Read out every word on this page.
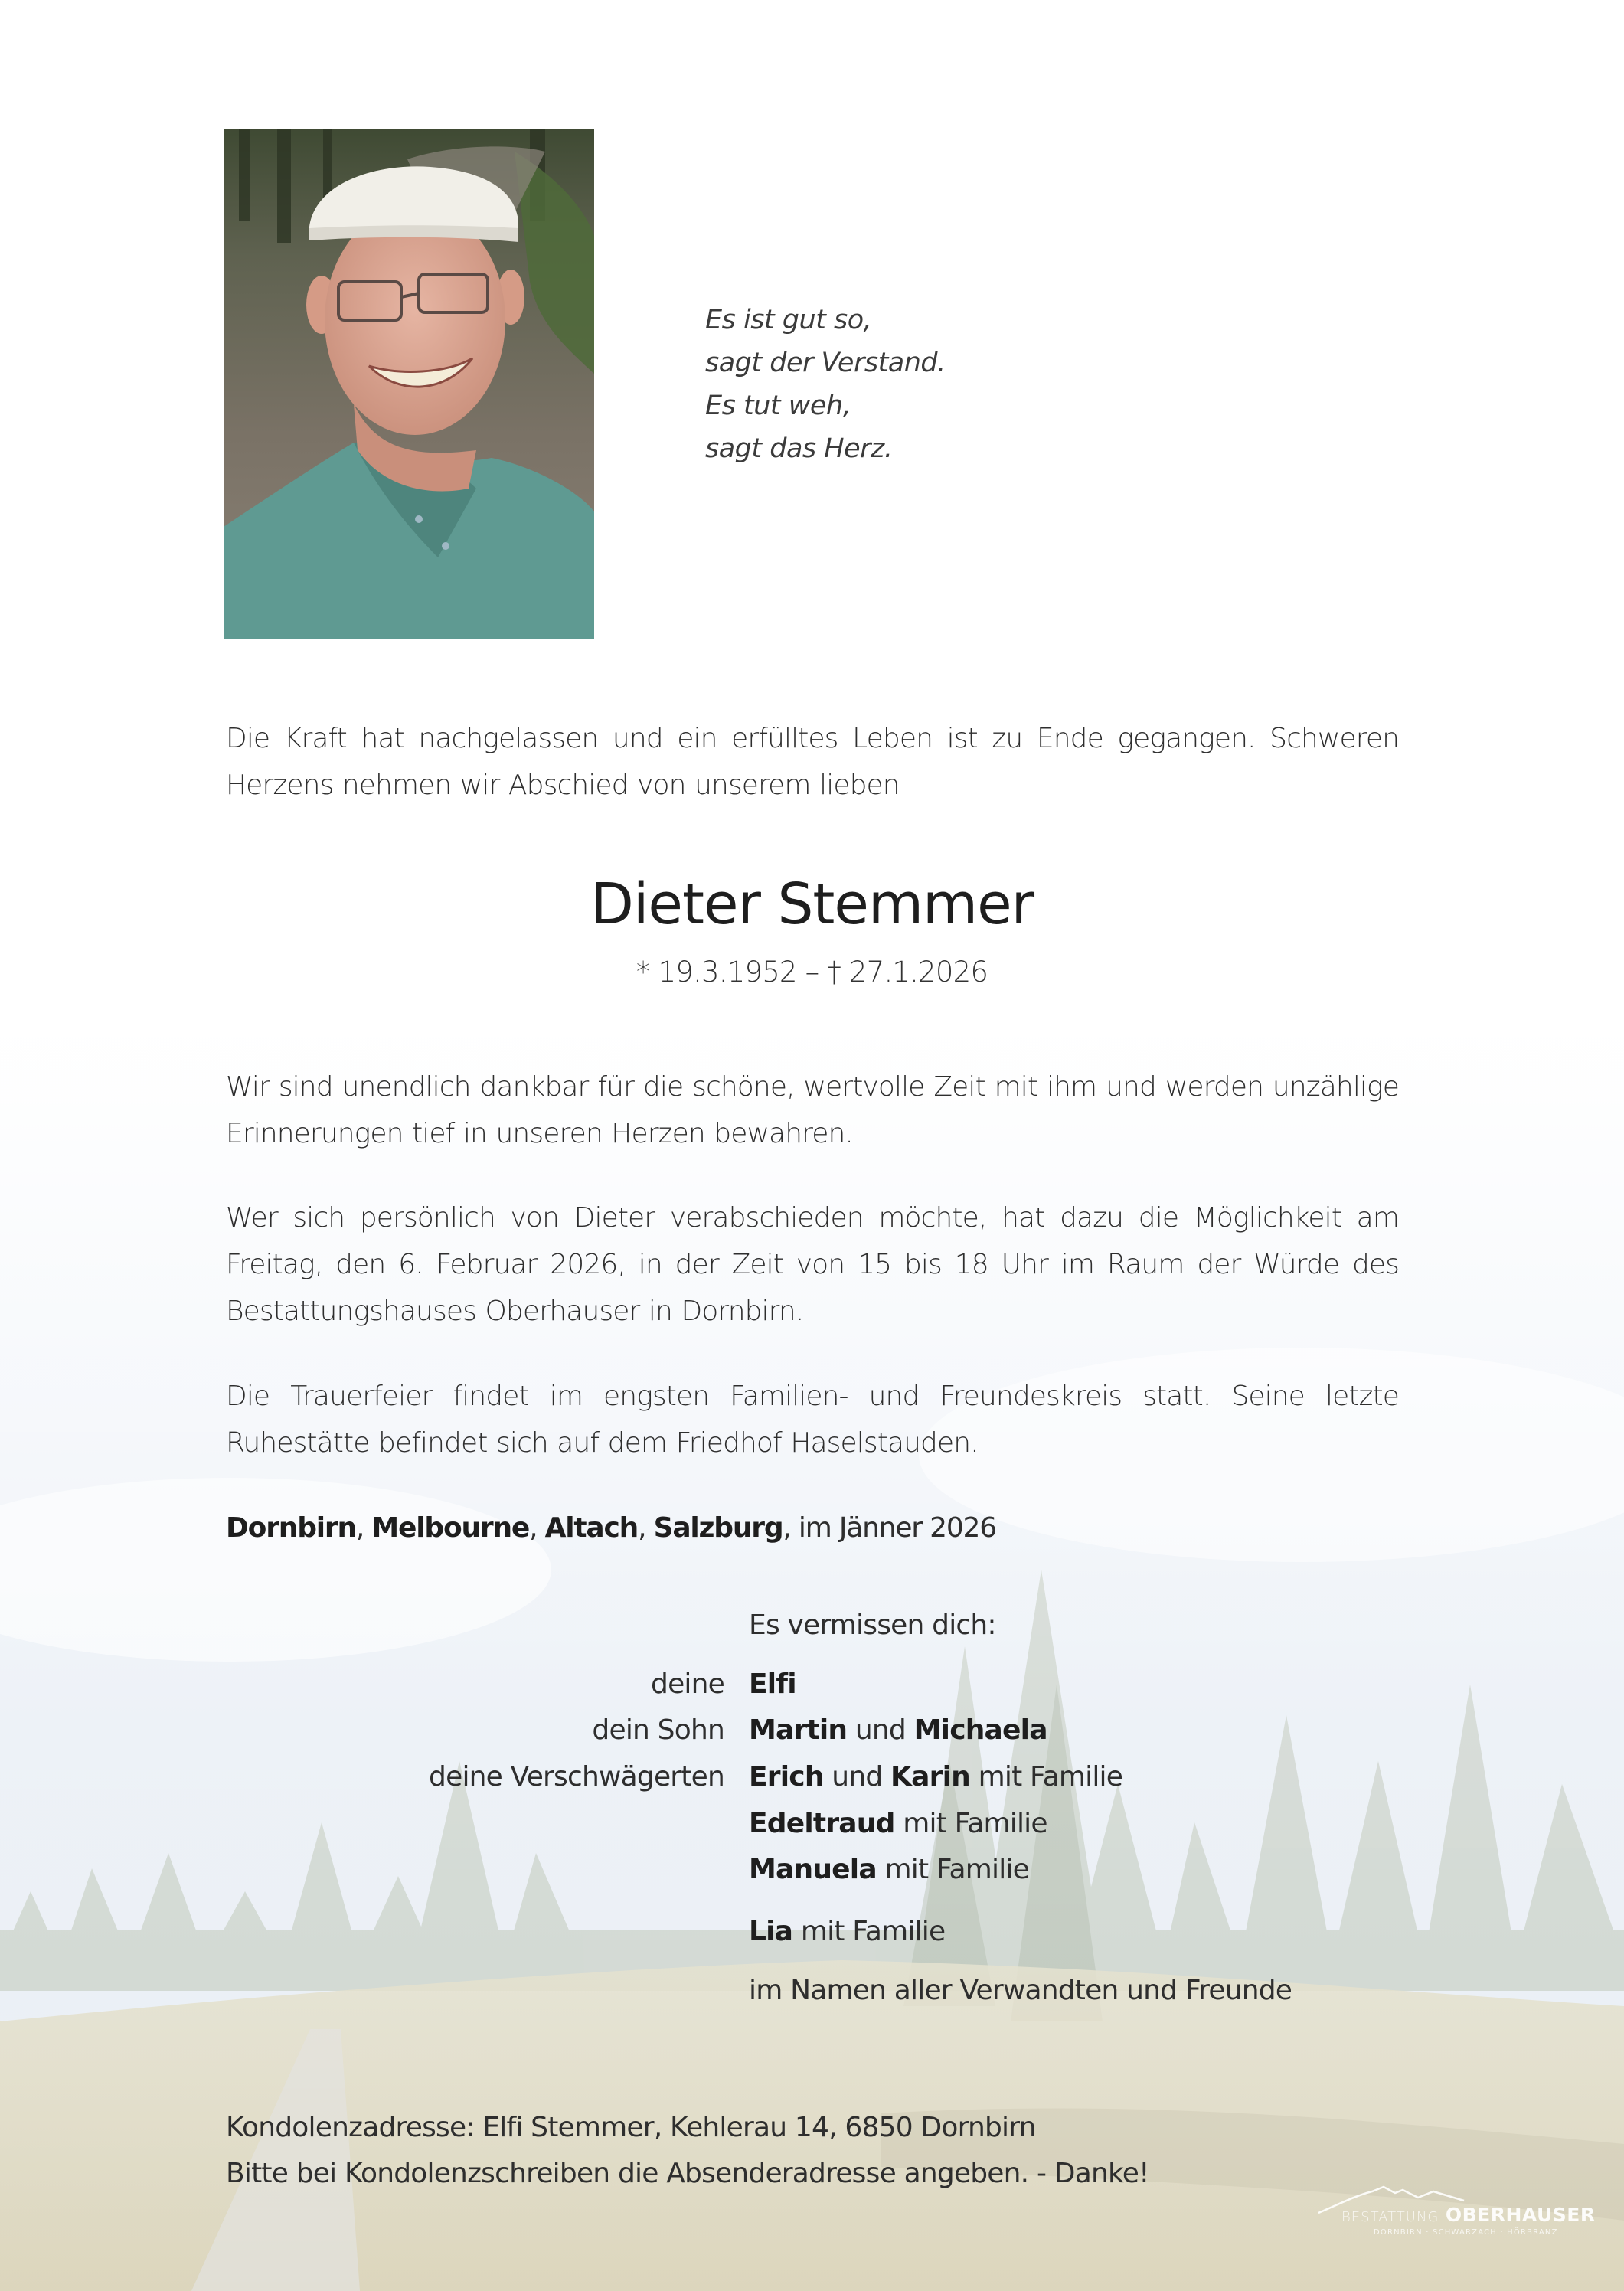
Es ist gut so,
sagt der Verstand.
Es tut weh,
sagt das Herz.
Die Kraft hat nachgelassen und ein erfülltes Leben ist zu Ende gegangen. Schweren Herzens nehmen wir Abschied von unserem lieben
Dieter Stemmer
* 19.3.1952 – † 27.1.2026
Wir sind unendlich dankbar für die schöne, wertvolle Zeit mit ihm und werden unzählige Erinnerungen tief in unseren Herzen bewahren.
Wer sich persönlich von Dieter verabschieden möchte, hat dazu die Möglichkeit am Freitag, den 6. Februar 2026, in der Zeit von 15 bis 18 Uhr im Raum der Würde des Bestattungshauses Oberhauser in Dornbirn.
Die Trauerfeier findet im engsten Familien- und Freundeskreis statt. Seine letzte Ruhestätte befindet sich auf dem Friedhof Haselstauden.
Dornbirn, Melbourne, Altach, Salzburg, im Jänner 2026
Es vermissen dich:
deine Elfi
dein Sohn Martin und Michaela
deine Verschwägerten Erich und Karin mit Familie
Edeltraud mit Familie
Manuela mit Familie
Lia mit Familie
im Namen aller Verwandten und Freunde
Kondolenzadresse: Elfi Stemmer, Kehlerau 14, 6850 Dornbirn
Bitte bei Kondolenzschreiben die Absenderadresse angeben. - Danke!
BESTATTUNG OBERHAUSER
DORNBIRN · SCHWARZACH · HÖRBRANZ
